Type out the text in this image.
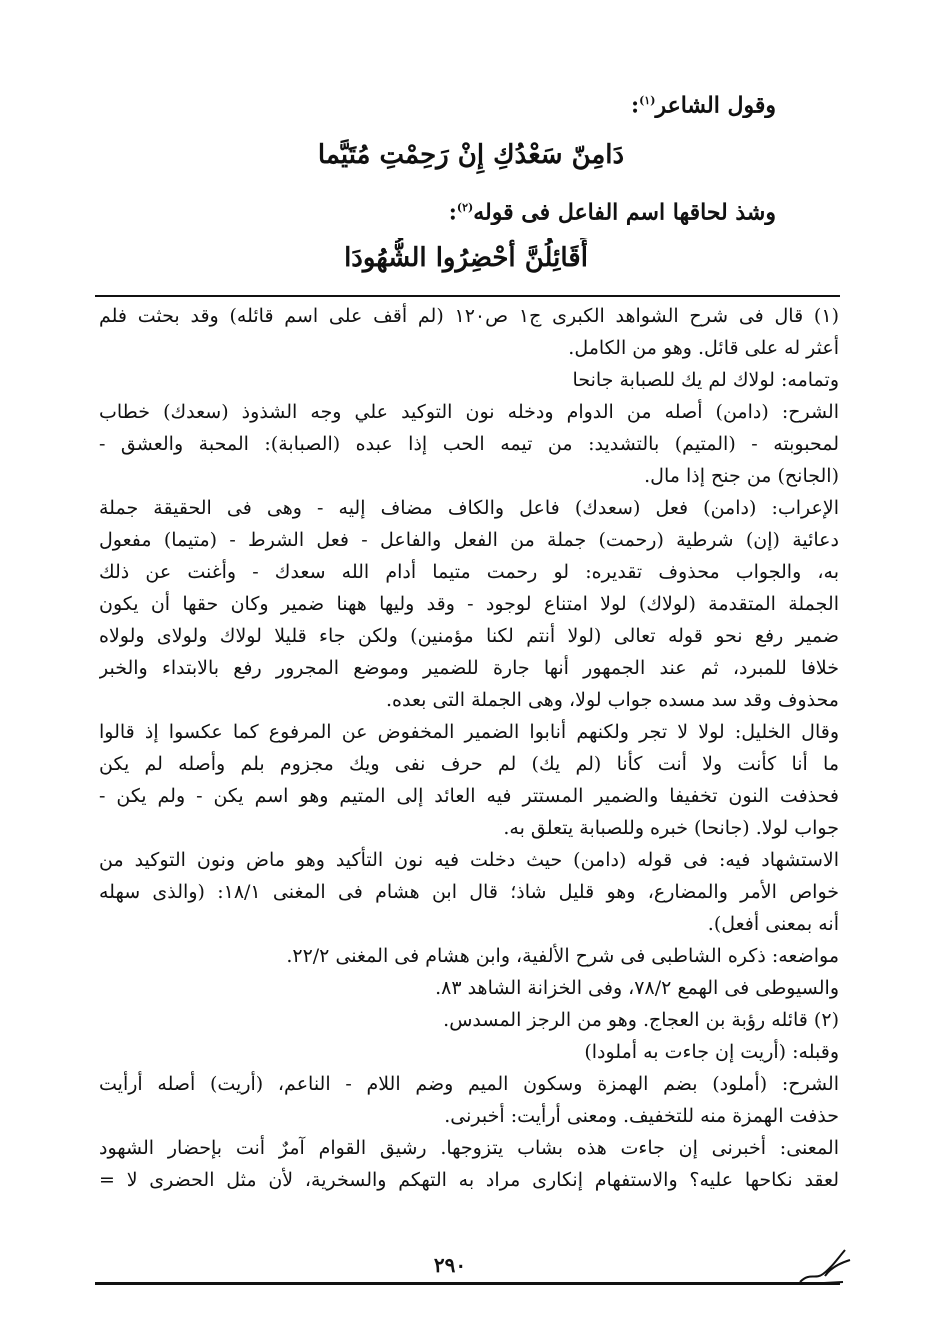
وقول الشاعر$^{(١)}$:
دَامِنّ سَعْدُكِ إِنْ رَحِمْتِ مُتَيَّما
وشذ لحاقها اسم الفاعل فى قوله$^{(٢)}$:
أَقَائِلُنَّ أحْضِرُوا الشُّهُودَا
(١) قال فى شرح الشواهد الكبرى ج١ ص١٢٠ (لم أقف على اسم قائله) وقد بحثت فلم
أعثر له على قائل. وهو من الكامل.
وتمامه: لولاك لم يك للصبابة جانحا
الشرح: (دامن) أصله من الدوام ودخله نون التوكيد علي وجه الشذوذ (سعدك) خطاب
لمحبوبته - (المتيم) بالتشديد: من تيمه الحب إذا عبده (الصبابة): المحبة والعشق -
(الجانح) من جنح إذا مال.
الإعراب: (دامن) فعل (سعدك) فاعل والكاف مضاف إليه - وهى فى الحقيقة جملة
دعائية (إن) شرطية (رحمت) جملة من الفعل والفاعل - فعل الشرط - (متيما) مفعول
به، والجواب محذوف تقديره: لو رحمت متيما أدام الله سعدك - وأغنت عن ذلك
الجملة المتقدمة (لولاك) لولا امتناع لوجود - وقد وليها ههنا ضمير وكان حقها أن يكون
ضمير رفع نحو قوله تعالى (لولا أنتم لكنا مؤمنين) ولكن جاء قليلا لولاك ولولاى ولولاه
خلافا للمبرد، ثم عند الجمهور أنها جارة للضمير وموضع المجرور رفع بالابتداء والخبر
محذوف وقد سد مسده جواب لولا، وهى الجملة التى بعده.
وقال الخليل: لولا لا تجر ولكنهم أنابوا الضمير المخفوض عن المرفوع كما عكسوا إذ قالوا
ما أنا كأنت ولا أنت كأنا (لم يك) لم حرف نفى ويك مجزوم بلم وأصله لم يكن
فحذفت النون تخفيفا والضمير المستتر فيه العائد إلى المتيم وهو اسم يكن - ولم يكن -
جواب لولا. (جانحا) خبره وللصبابة يتعلق به.
الاستشهاد فيه: فى قوله (دامن) حيث دخلت فيه نون التأكيد وهو ماض ونون التوكيد من
خواص الأمر والمضارع، وهو قليل شاذ؛ قال ابن هشام فى المغنى ١٨/١: (والذى سهله
أنه بمعنى أفعل).
مواضعه: ذكره الشاطبى فى شرح الألفية، وابن هشام فى المغنى ٢٢/٢.
والسيوطى فى الهمع ٧٨/٢، وفى الخزانة الشاهد ٨٣.
(٢) قائله رؤبة بن العجاج. وهو من الرجز المسدس.
وقبله: (أريت إن جاءت به أملودا)
الشرح: (أملود) بضم الهمزة وسكون الميم وضم اللام - الناعم، (أريت) أصله أرأيت
حذفت الهمزة منه للتخفيف. ومعنى أرأيت: أخبرنى.
المعنى: أخبرنى إن جاءت هذه بشاب يتزوجها. رشيق القوام آمرٌ أنت بإحضار الشهود
لعقد نكاحها عليه؟ والاستفهام إنكارى مراد به التهكم والسخرية، لأن مثل الحضرى لا =
٢٩٠
